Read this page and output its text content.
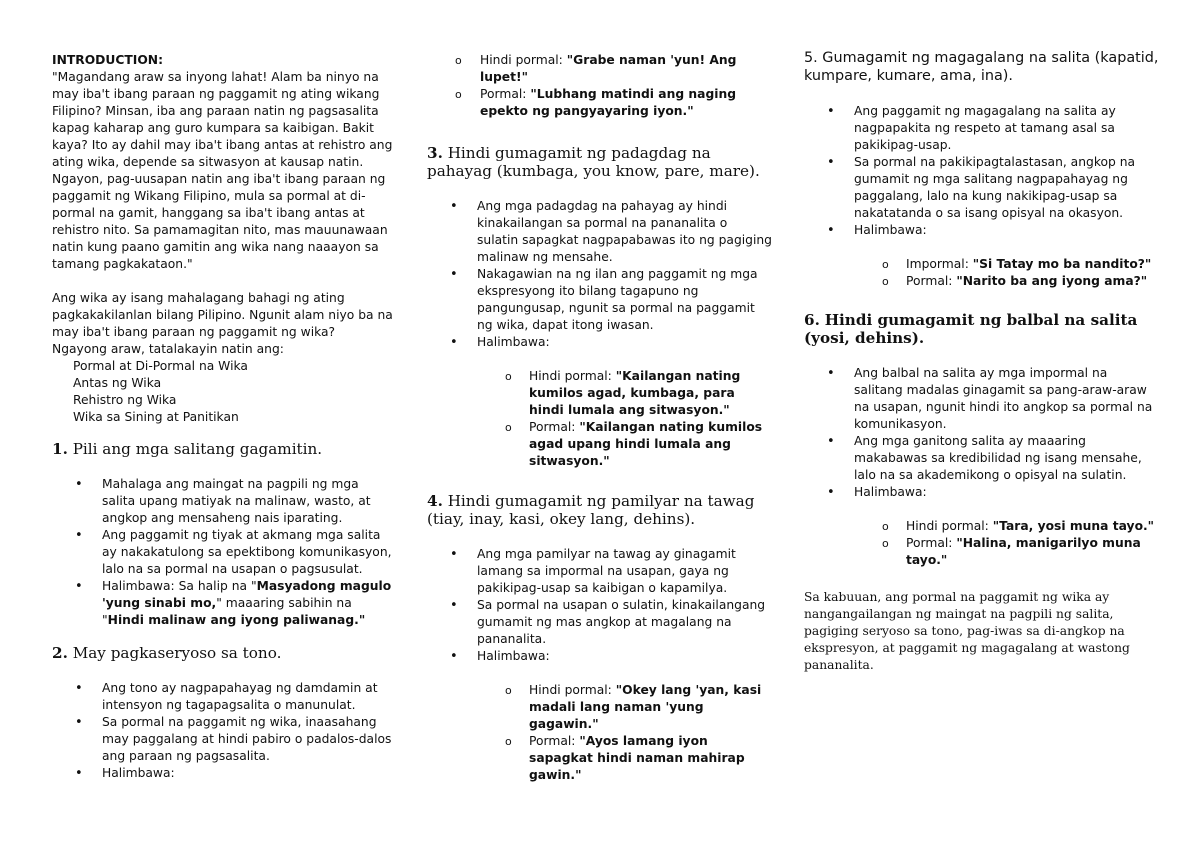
INTRODUCTION:

"Magandang araw sa inyong lahat! Alam ba ninyo na may iba't ibang paraan ng paggamit ng ating wikang Filipino? Minsan, iba ang paraan natin ng pagsasalita kapag kaharap ang guro kumpara sa kaibigan. Bakit kaya? Ito ay dahil may iba't ibang antas at rehistro ang ating wika, depende sa sitwasyon at kausap natin. Ngayon, pag-uusapan natin ang iba't ibang paraan ng paggamit ng Wikang Filipino, mula sa pormal at di-pormal na gamit, hanggang sa iba't ibang antas at rehistro nito. Sa pamamagitan nito, mas mauunawaan natin kung paano gamitin ang wika nang naaayon sa tamang pagkakataon."

Ang wika ay isang mahalagang bahagi ng ating pagkakakilanlan bilang Pilipino. Ngunit alam niyo ba na may iba't ibang paraan ng paggamit ng wika?

Ngayong araw, tatalakayin natin ang:

Pormal at Di-Pormal na Wika
Antas ng Wika
Rehistro ng Wika
Wika sa Sining at Panitikan
1. Pili ang mga salitang gagamitin.
• Mahalaga ang maingat na pagpili ng mga salita upang matiyak na malinaw, wasto, at angkop ang mensaheng nais iparating.
• Ang paggamit ng tiyak at akmang mga salita ay nakakatulong sa epektibong komunikasyon, lalo na sa pormal na usapan o pagsusulat.
• Halimbawa: Sa halip na "Masyadong magulo 'yung sinabi mo," maaaring sabihin na "Hindi malinaw ang iyong paliwanag."
2. May pagkaseryoso sa tono.
• Ang tono ay nagpapahayag ng damdamin at intensyon ng tagapagsalita o manunulat.
• Sa pormal na paggamit ng wika, inaasahang may paggalang at hindi pabiro o padalos-dalos ang paraan ng pagsasalita.
• Halimbawa:
o Hindi pormal: "Grabe naman 'yun! Ang lupet!"
o Pormal: "Lubhang matindi ang naging epekto ng pangyayaring iyon."
3. Hindi gumagamit ng padagdag na pahayag (kumbaga, you know, pare, mare).
• Ang mga padagdag na pahayag ay hindi kinakailangan sa pormal na pananalita o sulatin sapagkat nagpapabawas ito ng pagiging malinaw ng mensahe.
• Nakagawian na ng ilan ang paggamit ng mga ekspresyong ito bilang tagapuno ng pangungusap, ngunit sa pormal na paggamit ng wika, dapat itong iwasan.
• Halimbawa:
o Hindi pormal: "Kailangan nating kumilos agad, kumbaga, para hindi lumala ang sitwasyon."
o Pormal: "Kailangan nating kumilos agad upang hindi lumala ang sitwasyon."
4. Hindi gumagamit ng pamilyar na tawag (tiay, inay, kasi, okey lang, dehins).
• Ang mga pamilyar na tawag ay ginagamit lamang sa impormal na usapan, gaya ng pakikipag-usap sa kaibigan o kapamilya.
• Sa pormal na usapan o sulatin, kinakailangang gumamit ng mas angkop at magalang na pananalita.
• Halimbawa:
o Hindi pormal: "Okey lang 'yan, kasi madali lang naman 'yung gagawin."
o Pormal: "Ayos lamang iyon sapagkat hindi naman mahirap gawin."
5. Gumagamit ng magagalang na salita (kapatid, kumpare, kumare, ama, ina).
• Ang paggamit ng magagalang na salita ay nagpapakita ng respeto at tamang asal sa pakikipag-usap.
• Sa pormal na pakikipagtalastasan, angkop na gumamit ng mga salitang nagpapahayag ng paggalang, lalo na kung nakikipag-usap sa nakatatanda o sa isang opisyal na okasyon.
• Halimbawa:
o Impormal: "Si Tatay mo ba nandito?"
o Pormal: "Narito ba ang iyong ama?"
6. Hindi gumagamit ng balbal na salita (yosi, dehins).
• Ang balbal na salita ay mga impormal na salitang madalas ginagamit sa pang-araw-araw na usapan, ngunit hindi ito angkop sa pormal na komunikasyon.
• Ang mga ganitong salita ay maaaring makabawas sa kredibilidad ng isang mensahe, lalo na sa akademikong o opisyal na sulatin.
• Halimbawa:
o Hindi pormal: "Tara, yosi muna tayo."
o Pormal: "Halina, manigarilyo muna tayo."

Sa kabuuan, ang pormal na paggamit ng wika ay nangangailangan ng maingat na pagpili ng salita, pagiging seryoso sa tono, pag-iwas sa di-angkop na ekspresyon, at paggamit ng magagalang at wastong pananalita.
